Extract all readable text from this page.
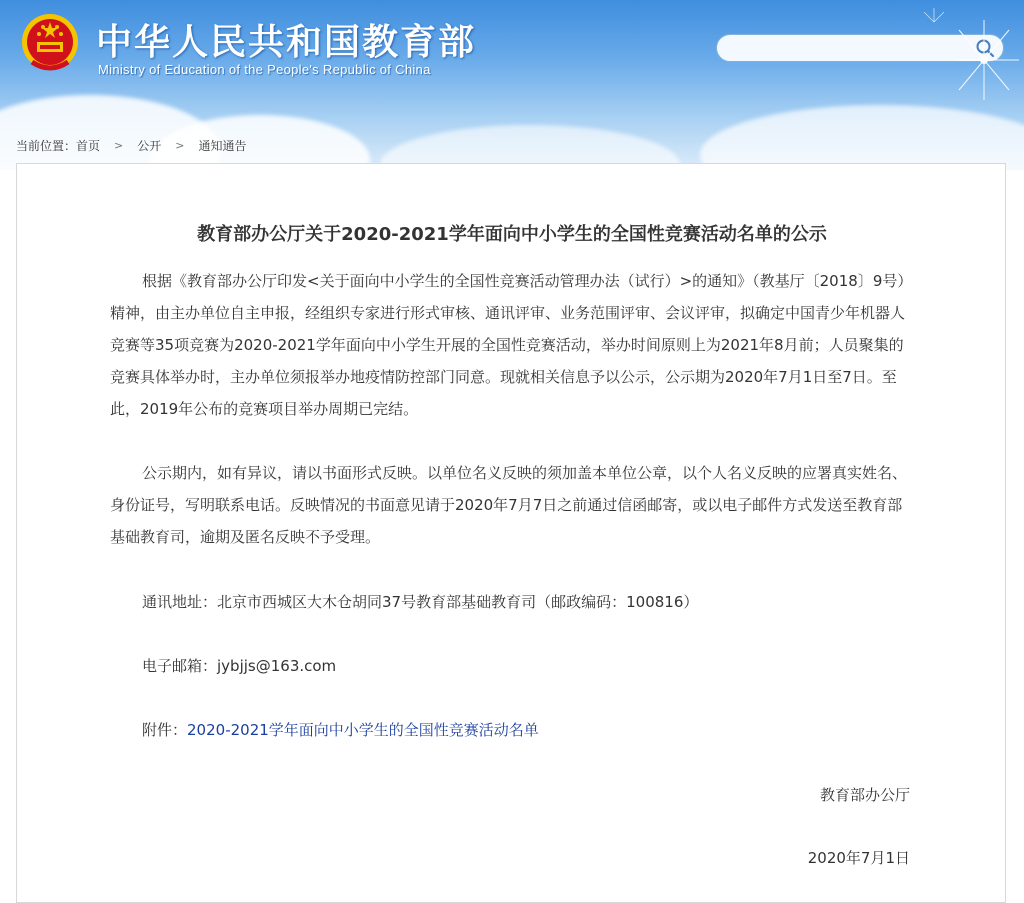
中华人民共和国教育部
Ministry of Education of the People's Republic of China
当前位置： 首页 > 公开 > 通知通告
教育部办公厅关于2020-2021学年面向中小学生的全国性竞赛活动名单的公示

根据《教育部办公厅印发<关于面向中小学生的全国性竞赛活动管理办法（试行）>的通知》（教基厅〔2018〕9号）精神，由主办单位自主申报，经组织专家进行形式审核、通讯评审、业务范围评审、会议评审，拟确定中国青少年机器人竞赛等35项竞赛为2020-2021学年面向中小学生开展的全国性竞赛活动，举办时间原则上为2021年8月前；人员聚集的竞赛具体举办时，主办单位须报举办地疫情防控部门同意。现就相关信息予以公示，公示期为2020年7月1日至7日。至此，2019年公布的竞赛项目举办周期已完结。

公示期内，如有异议，请以书面形式反映。以单位名义反映的须加盖本单位公章，以个人名义反映的应署真实姓名、身份证号，写明联系电话。反映情况的书面意见请于2020年7月7日之前通过信函邮寄，或以电子邮件方式发送至教育部基础教育司，逾期及匿名反映不予受理。

通讯地址：北京市西城区大木仓胡同37号教育部基础教育司（邮政编码：100816）
电子邮箱：jybjjs@163.com
附件：2020-2021学年面向中小学生的全国性竞赛活动名单
教育部办公厅
2020年7月1日
